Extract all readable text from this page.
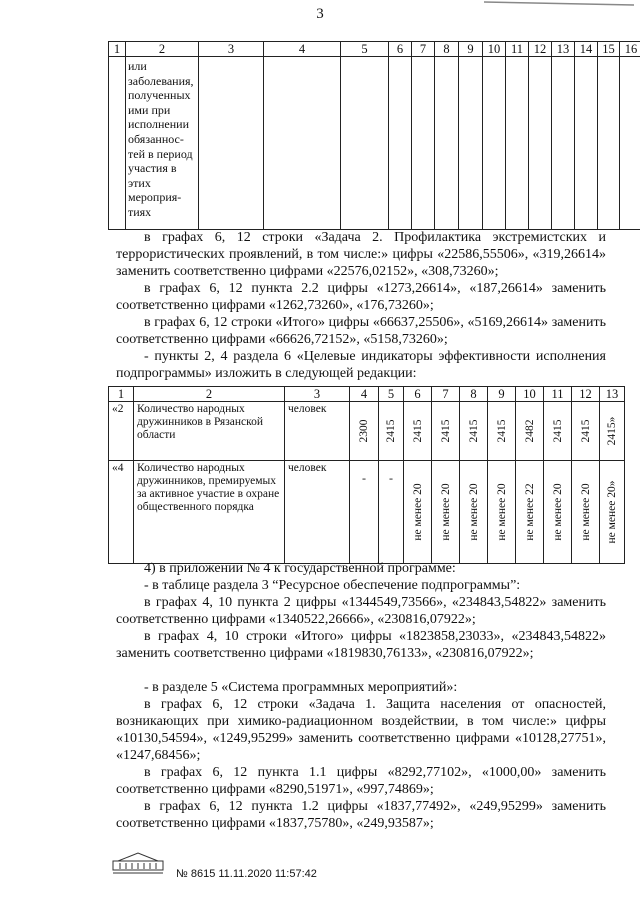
3
1	2	3	4	5	6	7	8	9	10	11	12	13	14	15	16
	или заболевания, полученных ими при исполнении обязаннос-тей в период участия в этих мероприя-тиях														
в графах 6, 12 строки «Задача 2. Профилактика экстремистских и террористических проявлений, в том числе:» цифры «22586,55506», «319,26614» заменить соответственно цифрами «22576,02152», «308,73260»;
в графах 6, 12 пункта 2.2 цифры «1273,26614», «187,26614» заменить соответственно цифрами «1262,73260», «176,73260»;
в графах 6, 12 строки «Итого» цифры «66637,25506», «5169,26614» заменить соответственно цифрами «66626,72152», «5158,73260»;
- пункты 2, 4 раздела 6 «Целевые индикаторы эффективности исполнения подпрограммы» изложить в следующей редакции:
1	2	3	4	5	6	7	8	9	10	11	12	13
«2	Количество народных дружинников в Рязанской области	человек	2300	2415	2415	2415	2415	2415	2482	2415	2415	2415»

«4	Количество народных дружинников, премируемых за активное участие в охране общественного порядка	человек	-	-	не менее 20	не менее 20	не менее 20	не менее 20	не менее 22	не менее 20	не менее 20	не менее 20»
4) в приложении № 4 к государственной программе:
- в таблице раздела 3 “Ресурсное обеспечение подпрограммы”:
в графах 4, 10 пункта 2 цифры «1344549,73566», «234843,54822» заменить соответственно цифрами «1340522,26666», «230816,07922»;
в графах 4, 10 строки «Итого» цифры «1823858,23033», «234843,54822» заменить соответственно цифрами «1819830,76133», «230816,07922»;
- в разделе 5 «Система программных мероприятий»:
в графах 6, 12 строки «Задача 1. Защита населения от опасностей, возникающих при химико-радиационном воздействии, в том числе:» цифры «10130,54594», «1249,95299» заменить соответственно цифрами «10128,27751», «1247,68456»;
в графах 6, 12 пункта 1.1 цифры «8292,77102», «1000,00» заменить соответственно цифрами «8290,51971», «997,74869»;
в графах 6, 12 пункта 1.2 цифры «1837,77492», «249,95299» заменить соответственно цифрами «1837,75780», «249,93587»;
№ 8615 11.11.2020 11:57:42
